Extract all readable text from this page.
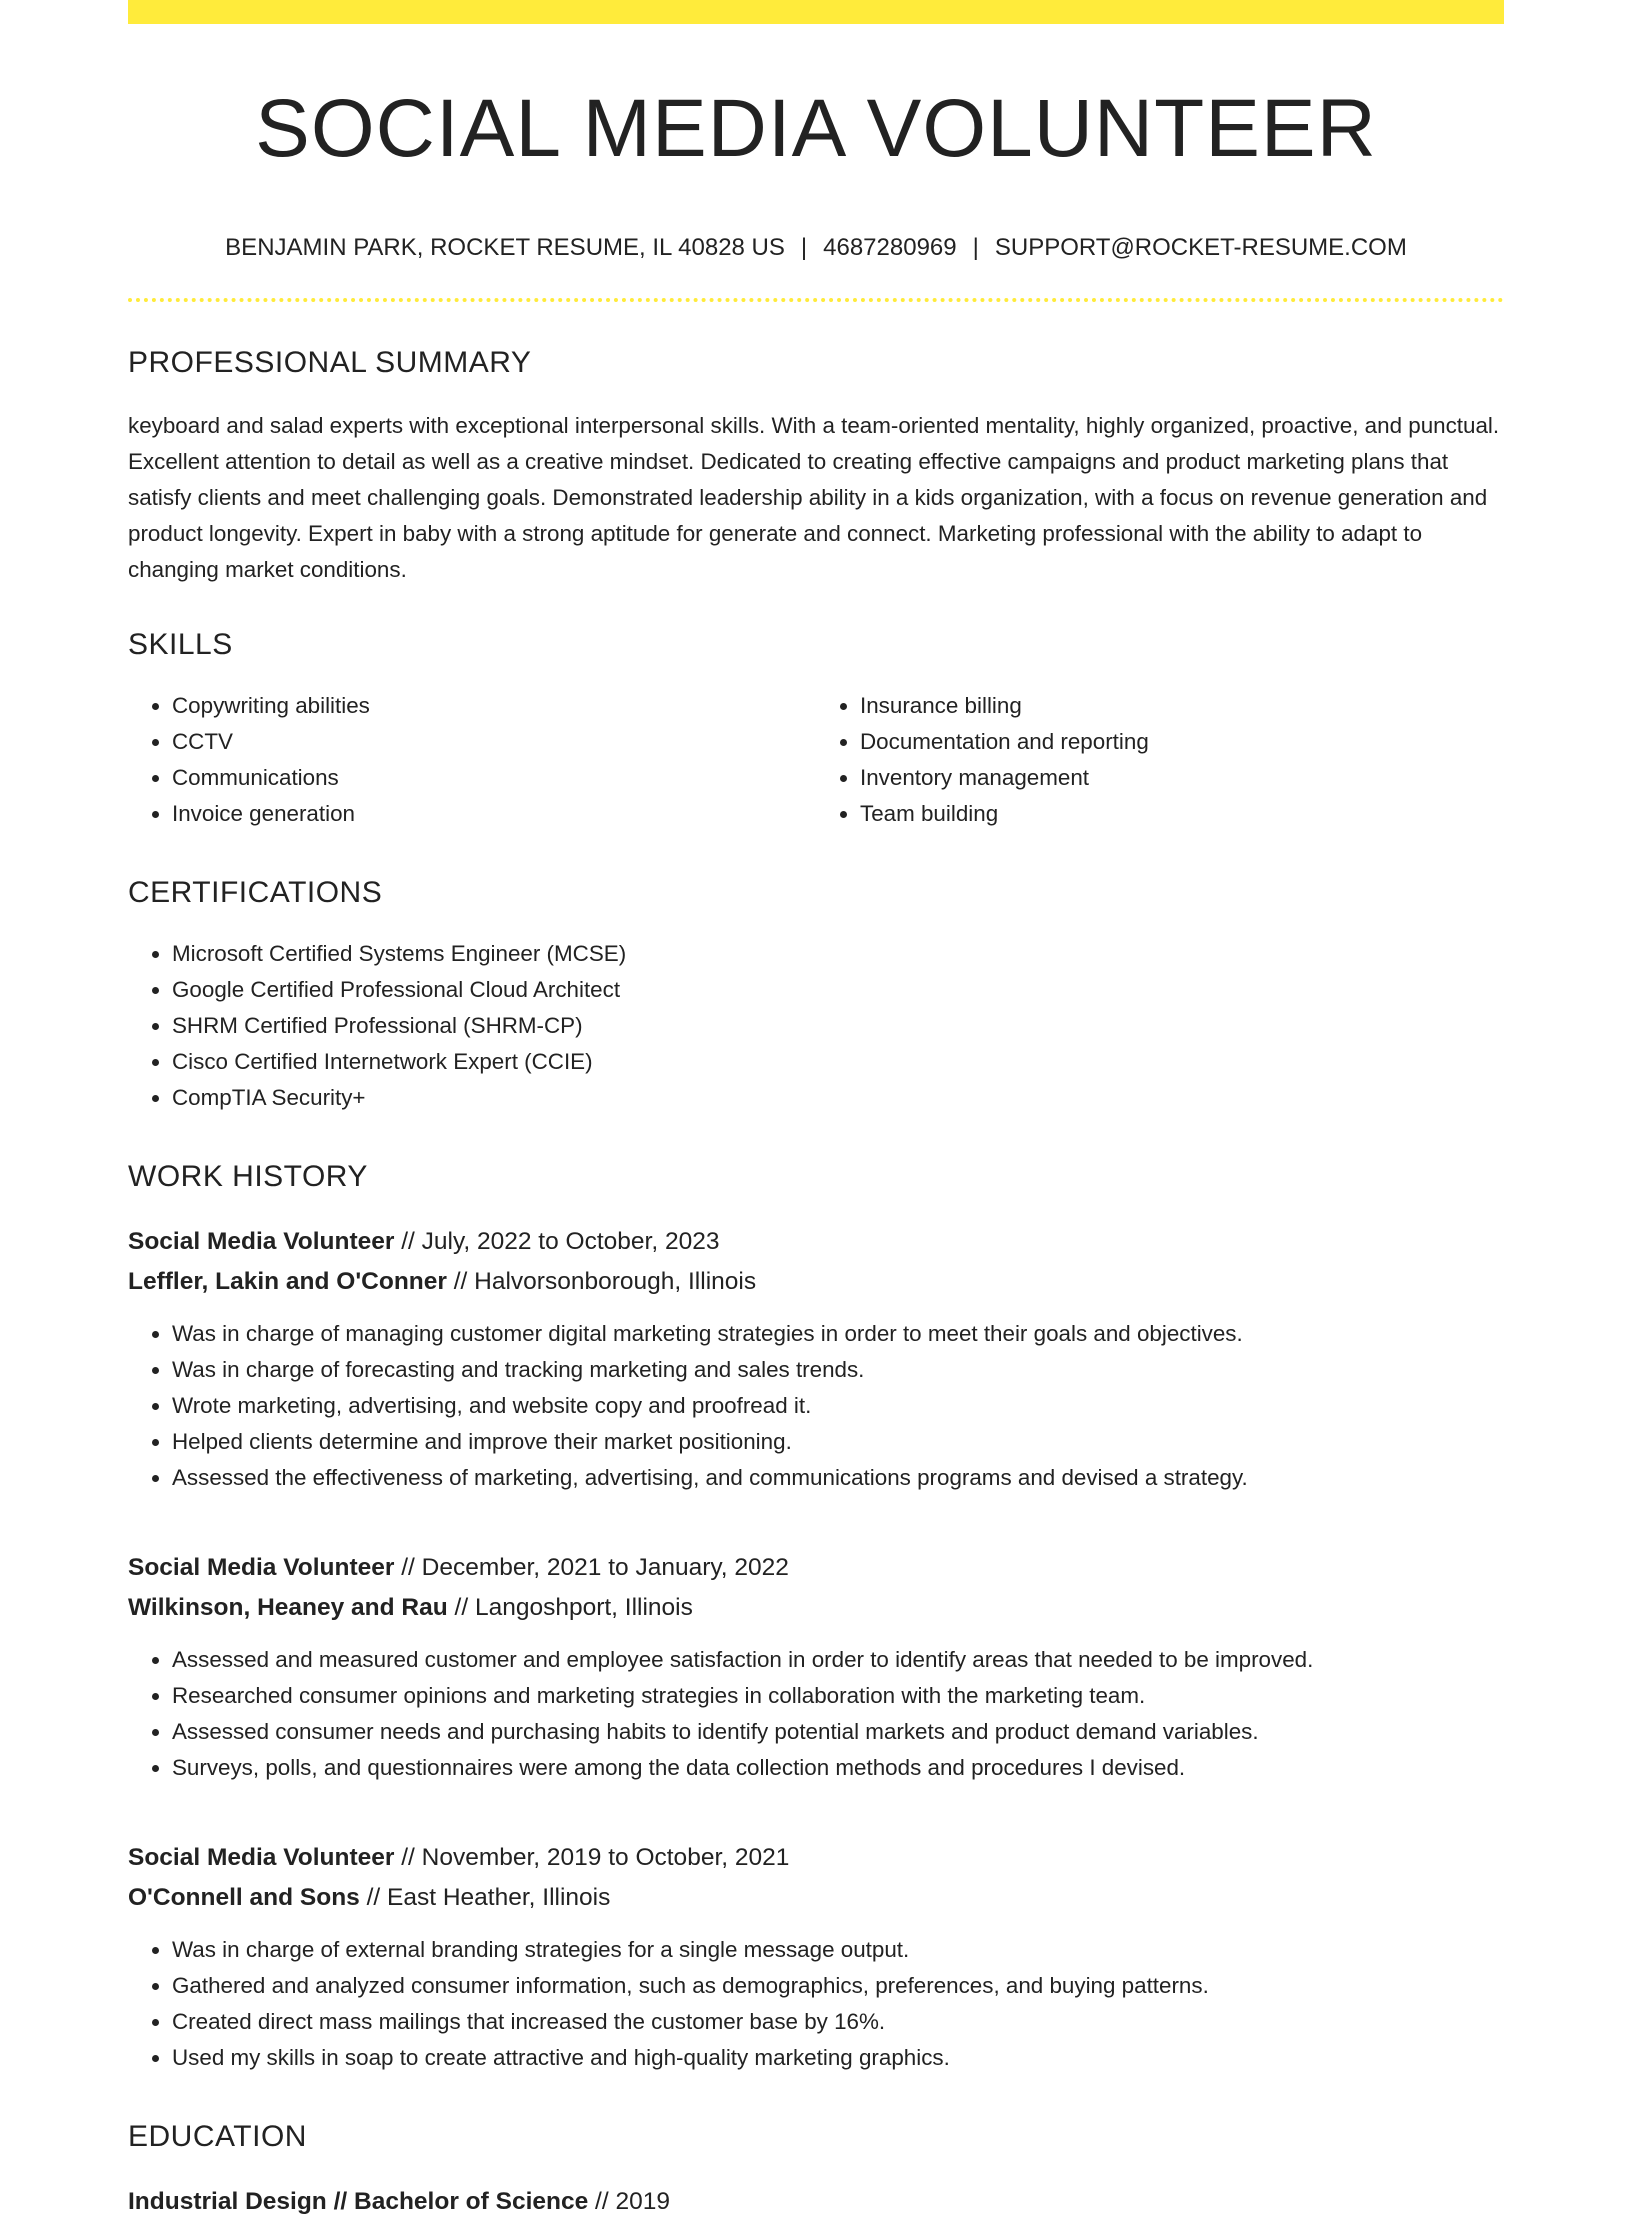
SOCIAL MEDIA VOLUNTEER
BENJAMIN PARK, ROCKET RESUME, IL 40828 US | 4687280969 | SUPPORT@ROCKET-RESUME.COM
PROFESSIONAL SUMMARY

keyboard and salad experts with exceptional interpersonal skills. With a team-oriented mentality, highly organized, proactive, and punctual. Excellent attention to detail as well as a creative mindset. Dedicated to creating effective campaigns and product marketing plans that satisfy clients and meet challenging goals. Demonstrated leadership ability in a kids organization, with a focus on revenue generation and product longevity. Expert in baby with a strong aptitude for generate and connect. Marketing professional with the ability to adapt to changing market conditions.

SKILLS
• Copywriting abilities
• CCTV
• Communications
• Invoice generation
• Insurance billing
• Documentation and reporting
• Inventory management
• Team building
CERTIFICATIONS
• Microsoft Certified Systems Engineer (MCSE)
• Google Certified Professional Cloud Architect
• SHRM Certified Professional (SHRM-CP)
• Cisco Certified Internetwork Expert (CCIE)
• CompTIA Security+
WORK HISTORY
Social Media Volunteer // July, 2022 to October, 2023
Leffler, Lakin and O'Conner // Halvorsonborough, Illinois
• Was in charge of managing customer digital marketing strategies in order to meet their goals and objectives.
• Was in charge of forecasting and tracking marketing and sales trends.
• Wrote marketing, advertising, and website copy and proofread it.
• Helped clients determine and improve their market positioning.
• Assessed the effectiveness of marketing, advertising, and communications programs and devised a strategy.
Social Media Volunteer // December, 2021 to January, 2022
Wilkinson, Heaney and Rau // Langoshport, Illinois
• Assessed and measured customer and employee satisfaction in order to identify areas that needed to be improved.
• Researched consumer opinions and marketing strategies in collaboration with the marketing team.
• Assessed consumer needs and purchasing habits to identify potential markets and product demand variables.
• Surveys, polls, and questionnaires were among the data collection methods and procedures I devised.
Social Media Volunteer // November, 2019 to October, 2021
O'Connell and Sons // East Heather, Illinois
• Was in charge of external branding strategies for a single message output.
• Gathered and analyzed consumer information, such as demographics, preferences, and buying patterns.
• Created direct mass mailings that increased the customer base by 16%.
• Used my skills in soap to create attractive and high-quality marketing graphics.
EDUCATION
Industrial Design // Bachelor of Science // 2019
